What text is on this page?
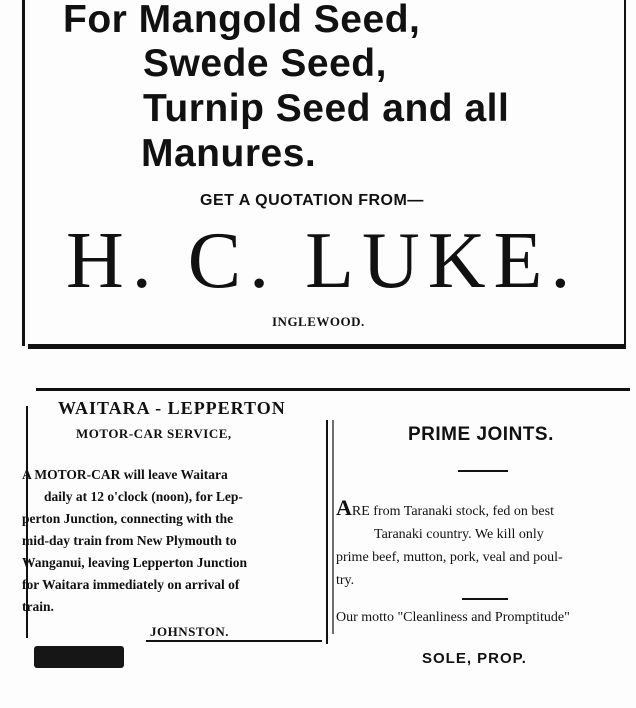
For Mangold Seed,
Swede Seed,
Turnip Seed and all
Manures.
GET A QUOTATION FROM—
H. C. LUKE.
INGLEWOOD.
WAITARA - LEPPERTON
MOTOR-CAR SERVICE,

A MOTOR-CAR will leave Waitara

daily at 12 o'clock (noon), for Lep-

perton Junction, connecting with the

mid-day train from New Plymouth to

Wanganui, leaving Lepperton Junction

for Waitara immediately on arrival of

train.

JOHNSTON.
PRIME JOINTS.

ARE from Taranaki stock, fed on best

Taranaki country. We kill only

prime beef, mutton, pork, veal and poul-

try.

Our motto "Cleanliness and Promptitude"
SOLE, PROP.
